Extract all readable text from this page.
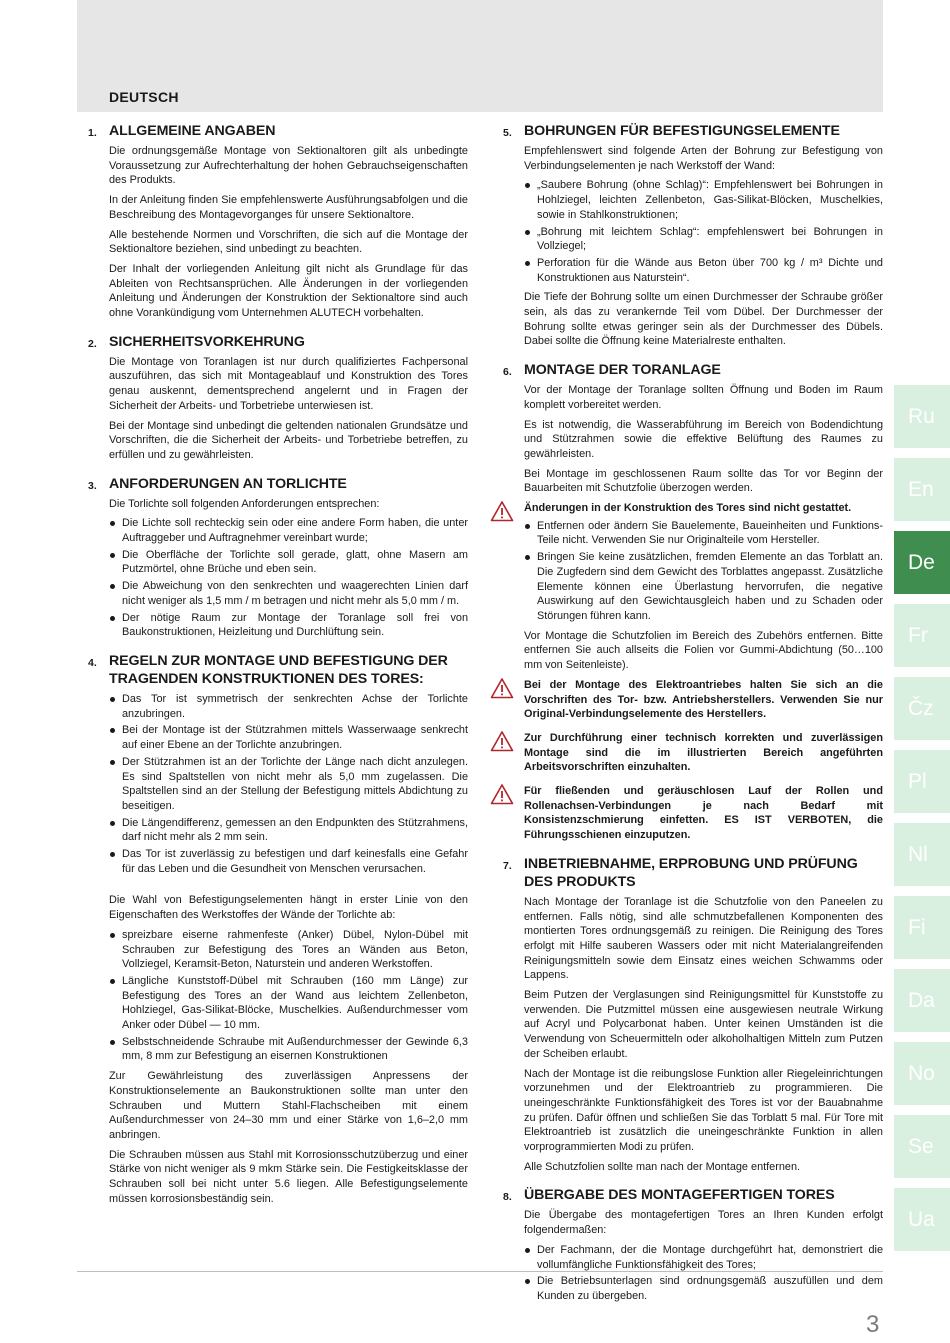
DEUTSCH
1. ALLGEMEINE ANGABEN

Die ordnungsgemäße Montage von Sektionaltoren gilt als unbedingte Voraussetzung zur Aufrechterhaltung der hohen Gebrauchseigenschaften des Produkts.

In der Anleitung finden Sie empfehlenswerte Ausführungsabfolgen und die Beschreibung des Montagevorganges für unsere Sektionaltore.

Alle bestehende Normen und Vorschriften, die sich auf die Montage der Sektionaltore beziehen, sind unbedingt zu beachten.

Der Inhalt der vorliegenden Anleitung gilt nicht als Grundlage für das Ableiten von Rechtsansprüchen. Alle Änderungen in der vorliegenden Anleitung und Änderungen der Konstruktion der Sektionaltore sind auch ohne Vorankündigung vom Unternehmen ALUTECH vorbehalten.

2. SICHERHEITSVORKEHRUNG

Die Montage von Toranlagen ist nur durch qualifiziertes Fachpersonal auszuführen, das sich mit Montageablauf und Konstruktion des Tores genau auskennt, dementsprechend angelernt und in Fragen der Sicherheit der Arbeits- und Torbetriebe unterwiesen ist.

Bei der Montage sind unbedingt die geltenden nationalen Grundsätze und Vorschriften, die die Sicherheit der Arbeits- und Torbetriebe betreffen, zu erfüllen und zu gewährleisten.

3. ANFORDERUNGEN AN TORLICHTE

Die Torlichte soll folgenden Anforderungen entsprechen:

Die Lichte soll rechteckig sein oder eine andere Form haben, die unter Auftraggeber und Auftragnehmer vereinbart wurde;
Die Oberfläche der Torlichte soll gerade, glatt, ohne Masern am Putzmörtel, ohne Brüche und eben sein.
Die Abweichung von den senkrechten und waagerechten Linien darf nicht weniger als 1,5 mm / m betragen und nicht mehr als 5,0 mm / m.
Der nötige Raum zur Montage der Toranlage soll frei von Baukonstruktionen, Heizleitung und Durchlüftung sein.
4. REGELN ZUR MONTAGE UND BEFESTIGUNG DER TRAGENDEN KONSTRUKTIONEN DES TORES:
Das Tor ist symmetrisch der senkrechten Achse der Torlichte anzubringen.
Bei der Montage ist der Stützrahmen mittels Wasserwaage senkrecht auf einer Ebene an der Torlichte anzubringen.
Der Stützrahmen ist an der Torlichte der Länge nach dicht anzulegen. Es sind Spaltstellen von nicht mehr als 5,0 mm zugelassen. Die Spaltstellen sind an der Stellung der Befestigung mittels Abdichtung zu beseitigen.
Die Längendifferenz, gemessen an den Endpunkten des Stützrahmens, darf nicht mehr als 2 mm sein.
Das Tor ist zuverlässig zu befestigen und darf keinesfalls eine Gefahr für das Leben und die Gesundheit von Menschen verursachen.

Die Wahl von Befestigungselementen hängt in erster Linie von den Eigenschaften des Werkstoffes der Wände der Torlichte ab:

spreizbare eiserne rahmenfeste (Anker) Dübel, Nylon-Dübel mit Schrauben zur Befestigung des Tores an Wänden aus Beton, Vollziegel, Keramsit-Beton, Naturstein und anderen Werkstoffen.
Längliche Kunststoff-Dübel mit Schrauben (160 mm Länge) zur Befestigung des Tores an der Wand aus leichtem Zellenbeton, Hohlziegel, Gas-Silikat-Blöcke, Muschelkies. Außendurchmesser vom Anker oder Dübel — 10 mm.
Selbstschneidende Schraube mit Außendurchmesser der Gewinde 6,3 mm, 8 mm zur Befestigung an eisernen Konstruktionen

Zur Gewährleistung des zuverlässigen Anpressens der Konstruktionselemente an Baukonstruktionen sollte man unter den Schrauben und Muttern Stahl-Flachscheiben mit einem Außendurchmesser von 24–30 mm und einer Stärke von 1,6–2,0 mm anbringen.

Die Schrauben müssen aus Stahl mit Korrosionsschutzüberzug und einer Stärke von nicht weniger als 9 mkm Stärke sein. Die Festigkeitsklasse der Schrauben soll bei nicht unter 5.6 liegen. Alle Befestigungselemente müssen korrosionsbeständig sein.

5. BOHRUNGEN FÜR BEFESTIGUNGSELEMENTE

Empfehlenswert sind folgende Arten der Bohrung zur Befestigung von Verbindungselementen je nach Werkstoff der Wand:

„Saubere Bohrung (ohne Schlag)“: Empfehlenswert bei Bohrungen in Hohlziegel, leichten Zellenbeton, Gas-Silikat-Blöcken, Muschelkies, sowie in Stahlkonstruktionen;
„Bohrung mit leichtem Schlag“: empfehlenswert bei Bohrungen in Vollziegel;
Perforation für die Wände aus Beton über 700 kg / m³ Dichte und Konstruktionen aus Naturstein“.

Die Tiefe der Bohrung sollte um einen Durchmesser der Schraube größer sein, als das zu verankernde Teil vom Dübel. Der Durchmesser der Bohrung sollte etwas geringer sein als der Durchmesser des Dübels. Dabei sollte die Öffnung keine Materialreste enthalten.

6. MONTAGE DER TORANLAGE

Vor der Montage der Toranlage sollten Öffnung und Boden im Raum komplett vorbereitet werden.

Es ist notwendig, die Wasserabführung im Bereich von Bodendichtung und Stützrahmen sowie die effektive Belüftung des Raumes zu gewährleisten.

Bei Montage im geschlossenen Raum sollte das Tor vor Beginn der Bauarbeiten mit Schutzfolie überzogen werden.

Änderungen in der Konstruktion des Tores sind nicht gestattet.

Entfernen oder ändern Sie Bauelemente, Baueinheiten und Funktions-Teile nicht. Verwenden Sie nur Originalteile vom Hersteller.
Bringen Sie keine zusätzlichen, fremden Elemente an das Torblatt an. Die Zugfedern sind dem Gewicht des Torblattes angepasst. Zusätzliche Elemente können eine Überlastung hervorrufen, die negative Auswirkung auf den Gewichtausgleich haben und zu Schaden oder Störungen führen kann.

Vor Montage die Schutzfolien im Bereich des Zubehörs entfernen. Bitte entfernen Sie auch allseits die Folien vor Gummi-Abdichtung (50…100 mm von Seitenleiste).

Bei der Montage des Elektroantriebes halten Sie sich an die Vorschriften des Tor- bzw. Antriebsherstellers. Verwenden Sie nur Original-Verbindungselemente des Herstellers.

Zur Durchführung einer technisch korrekten und zuverlässigen Montage sind die im illustrierten Bereich angeführten Arbeitsvorschriften einzuhalten.

Für fließenden und geräuschlosen Lauf der Rollen und Rollenachsen-Verbindungen je nach Bedarf mit Konsistenzschmierung einfetten. ES IST VERBOTEN, die Führungsschienen einzuputzen.

7. INBETRIEBNAHME, ERPROBUNG UND PRÜFUNG DES PRODUKTS

Nach Montage der Toranlage ist die Schutzfolie von den Paneelen zu entfernen. Falls nötig, sind alle schmutzbefallenen Komponenten des montierten Tores ordnungsgemäß zu reinigen. Die Reinigung des Tores erfolgt mit Hilfe sauberen Wassers oder mit nicht Materialangreifenden Reinigungsmitteln sowie dem Einsatz eines weichen Schwamms oder Lappens.

Beim Putzen der Verglasungen sind Reinigungsmittel für Kunststoffe zu verwenden. Die Putzmittel müssen eine ausgewiesen neutrale Wirkung auf Acryl und Polycarbonat haben. Unter keinen Umständen ist die Verwendung von Scheuermitteln oder alkoholhaltigen Mitteln zum Putzen der Scheiben erlaubt.

Nach der Montage ist die reibungslose Funktion aller Riegeleinrichtungen vorzunehmen und der Elektroantrieb zu programmieren. Die uneingeschränkte Funktionsfähigkeit des Tores ist vor der Bauabnahme zu prüfen. Dafür öffnen und schließen Sie das Torblatt 5 mal. Für Tore mit Elektroantrieb ist zusätzlich die uneingeschränkte Funktion in allen vorprogrammierten Modi zu prüfen.

Alle Schutzfolien sollte man nach der Montage entfernen.

8. ÜBERGABE DES MONTAGEFERTIGEN TORES

Die Übergabe des montagefertigen Tores an Ihren Kunden erfolgt folgendermaßen:

Der Fachmann, der die Montage durchgeführt hat, demonstriert die vollumfängliche Funktionsfähigkeit des Tores;
Die Betriebsunterlagen sind ordnungsgemäß auszufüllen und dem Kunden zu übergeben.
Ru
En
De
Fr
Čz
Pl
Nl
Fi
Da
No
Se
Ua
3
